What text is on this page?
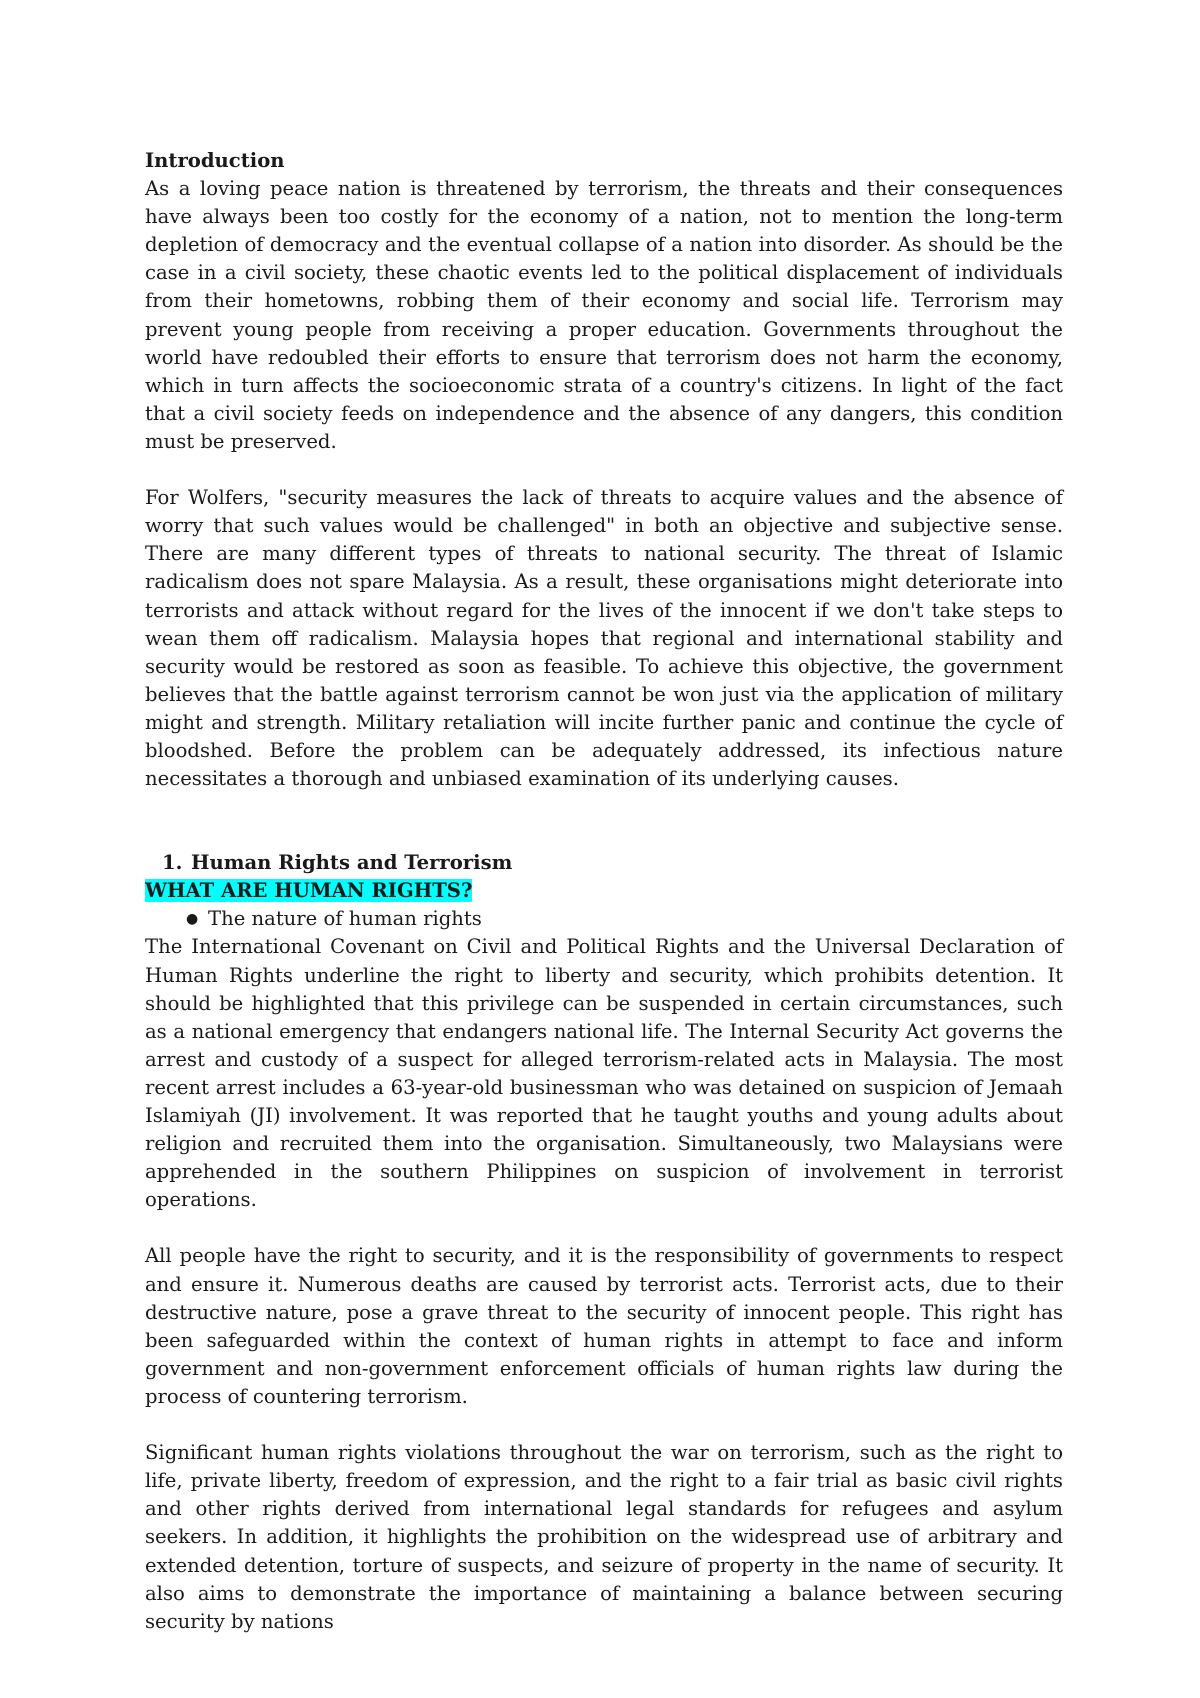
Introduction

As a loving peace nation is threatened by terrorism, the threats and their consequences have always been too costly for the economy of a nation, not to mention the long-term depletion of democracy and the eventual collapse of a nation into disorder. As should be the case in a civil society, these chaotic events led to the political displacement of individuals from their hometowns, robbing them of their economy and social life. Terrorism may prevent young people from receiving a proper education. Governments throughout the world have redoubled their efforts to ensure that terrorism does not harm the economy, which in turn affects the socioeconomic strata of a country's citizens. In light of the fact that a civil society feeds on independence and the absence of any dangers, this condition must be preserved.

For Wolfers, "security measures the lack of threats to acquire values and the absence of worry that such values would be challenged" in both an objective and subjective sense. There are many different types of threats to national security. The threat of Islamic radicalism does not spare Malaysia. As a result, these organisations might deteriorate into terrorists and attack without regard for the lives of the innocent if we don't take steps to wean them off radicalism. Malaysia hopes that regional and international stability and security would be restored as soon as feasible. To achieve this objective, the government believes that the battle against terrorism cannot be won just via the application of military might and strength. Military retaliation will incite further panic and continue the cycle of bloodshed. Before the problem can be adequately addressed, its infectious nature necessitates a thorough and unbiased examination of its underlying causes.

1. Human Rights and Terrorism
WHAT ARE HUMAN RIGHTS?
● The nature of human rights

The International Covenant on Civil and Political Rights and the Universal Declaration of Human Rights underline the right to liberty and security, which prohibits detention. It should be highlighted that this privilege can be suspended in certain circumstances, such as a national emergency that endangers national life. The Internal Security Act governs the arrest and custody of a suspect for alleged terrorism-related acts in Malaysia. The most recent arrest includes a 63-year-old businessman who was detained on suspicion of Jemaah Islamiyah (JI) involvement. It was reported that he taught youths and young adults about religion and recruited them into the organisation. Simultaneously, two Malaysians were apprehended in the southern Philippines on suspicion of involvement in terrorist operations.

All people have the right to security, and it is the responsibility of governments to respect and ensure it. Numerous deaths are caused by terrorist acts. Terrorist acts, due to their destructive nature, pose a grave threat to the security of innocent people. This right has been safeguarded within the context of human rights in attempt to face and inform government and non-government enforcement officials of human rights law during the process of countering terrorism.

Significant human rights violations throughout the war on terrorism, such as the right to life, private liberty, freedom of expression, and the right to a fair trial as basic civil rights and other rights derived from international legal standards for refugees and asylum seekers. In addition, it highlights the prohibition on the widespread use of arbitrary and extended detention, torture of suspects, and seizure of property in the name of security. It also aims to demonstrate the importance of maintaining a balance between securing security by nations
